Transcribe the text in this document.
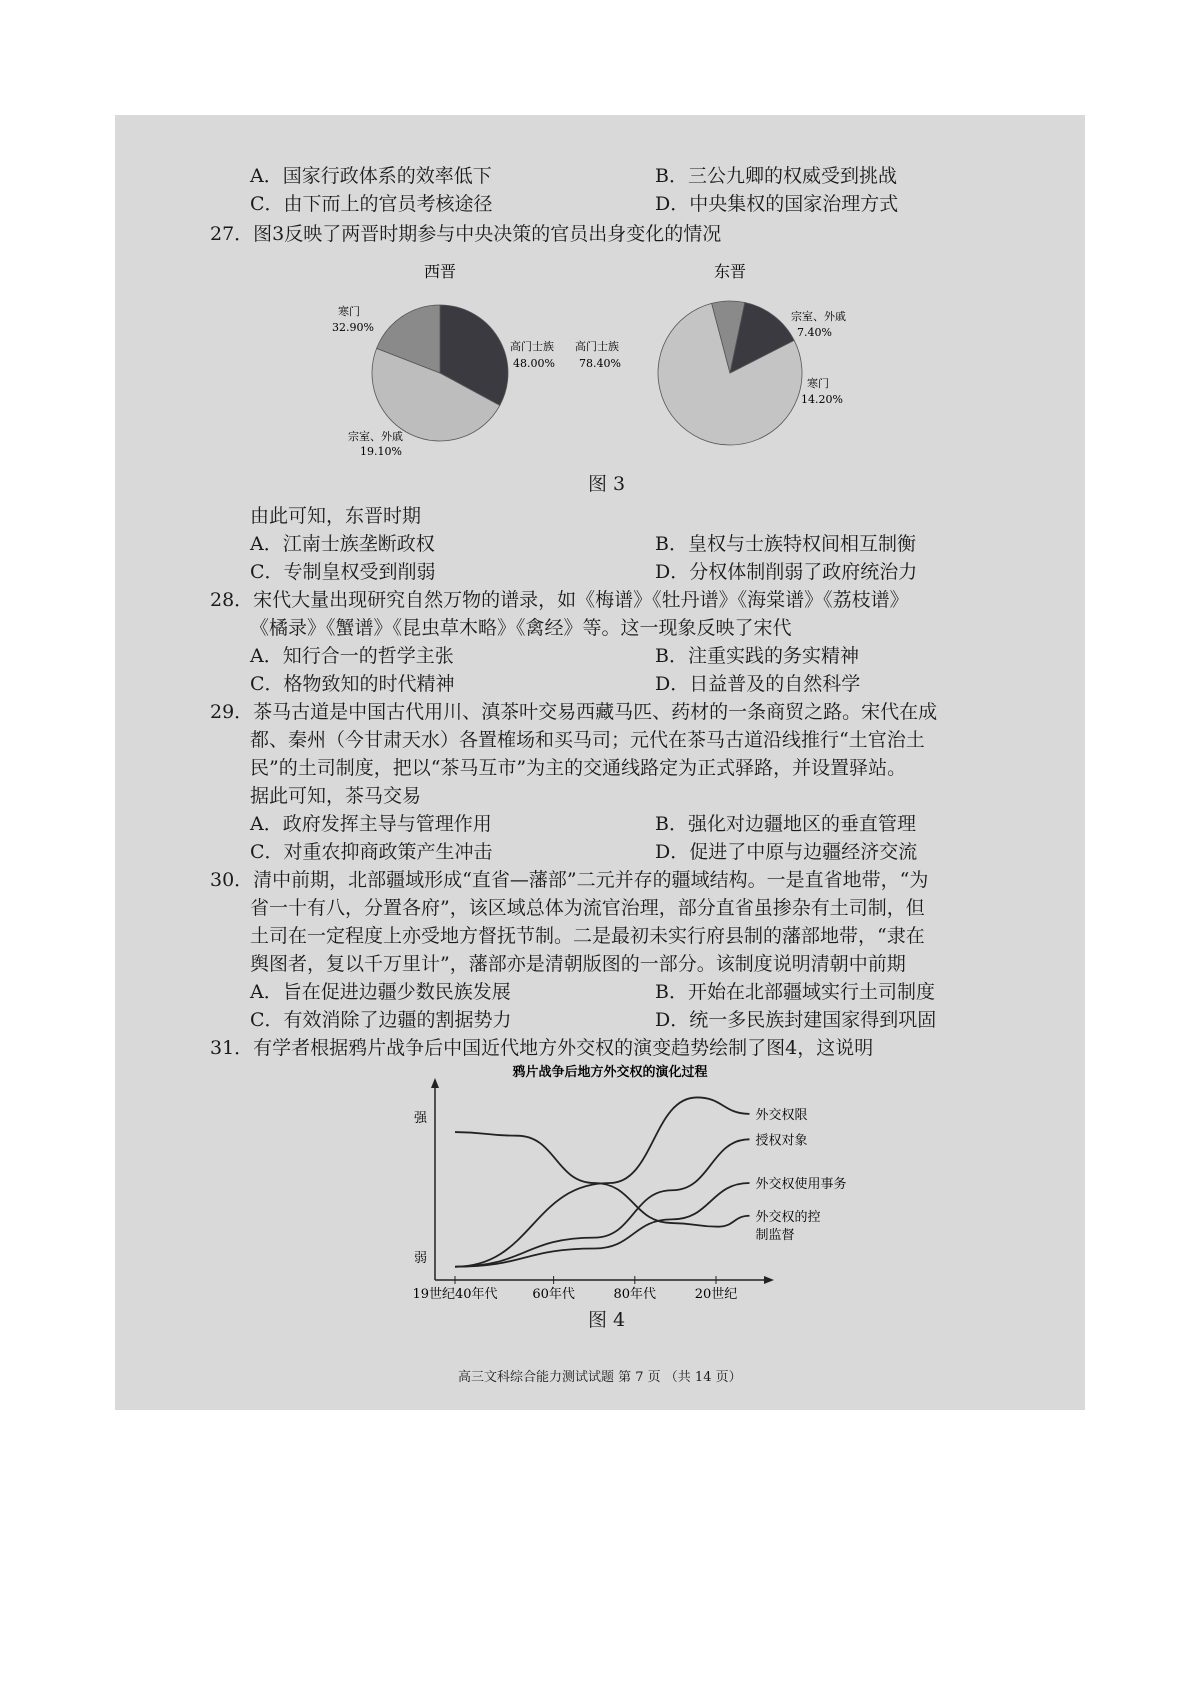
A．国家行政体系的效率低下	B．三公九卿的权威受到挑战
C．由下而上的官员考核途径	D．中央集权的国家治理方式
27．图3反映了两晋时期参与中央决策的官员出身变化的情况
西晋
寒门
32.90%
高门士族
48.00%
宗室、外戚
19.10%
东晋
高门士族
78.40%
宗室、外戚
7.40%
寒门
14.20%
图 3
由此可知，东晋时期
A．江南士族垄断政权	B．皇权与士族特权间相互制衡
C．专制皇权受到削弱	D．分权体制削弱了政府统治力
28．宋代大量出现研究自然万物的谱录，如《梅谱》《牡丹谱》《海棠谱》《荔枝谱》
《橘录》《蟹谱》《昆虫草木略》《禽经》等。这一现象反映了宋代
A．知行合一的哲学主张	B．注重实践的务实精神
C．格物致知的时代精神	D．日益普及的自然科学
29．茶马古道是中国古代用川、滇茶叶交易西藏马匹、药材的一条商贸之路。宋代在成
都、秦州（今甘肃天水）各置榷场和买马司；元代在茶马古道沿线推行“土官治土
民”的土司制度，把以“茶马互市”为主的交通线路定为正式驿路，并设置驿站。
据此可知，茶马交易
A．政府发挥主导与管理作用	B．强化对边疆地区的垂直管理
C．对重农抑商政策产生冲击	D．促进了中原与边疆经济交流
30．清中前期，北部疆域形成“直省—藩部”二元并存的疆域结构。一是直省地带，“为
省一十有八，分置各府”，该区域总体为流官治理，部分直省虽掺杂有土司制，但
土司在一定程度上亦受地方督抚节制。二是最初未实行府县制的藩部地带，“隶在
舆图者，复以千万里计”，藩部亦是清朝版图的一部分。该制度说明清朝中前期
A．旨在促进边疆少数民族发展	B．开始在北部疆域实行土司制度
C．有效消除了边疆的割据势力	D．统一多民族封建国家得到巩固
31．有学者根据鸦片战争后中国近代地方外交权的演变趋势绘制了图4，这说明
鸦片战争后地方外交权的演化过程
强
弱
外交权限
授权对象
外交权使用事务
外交权的控
制监督
19世纪40年代	60年代	80年代	20世纪
图 4
高三文科综合能力测试试题 第 7 页 （共 14 页）
